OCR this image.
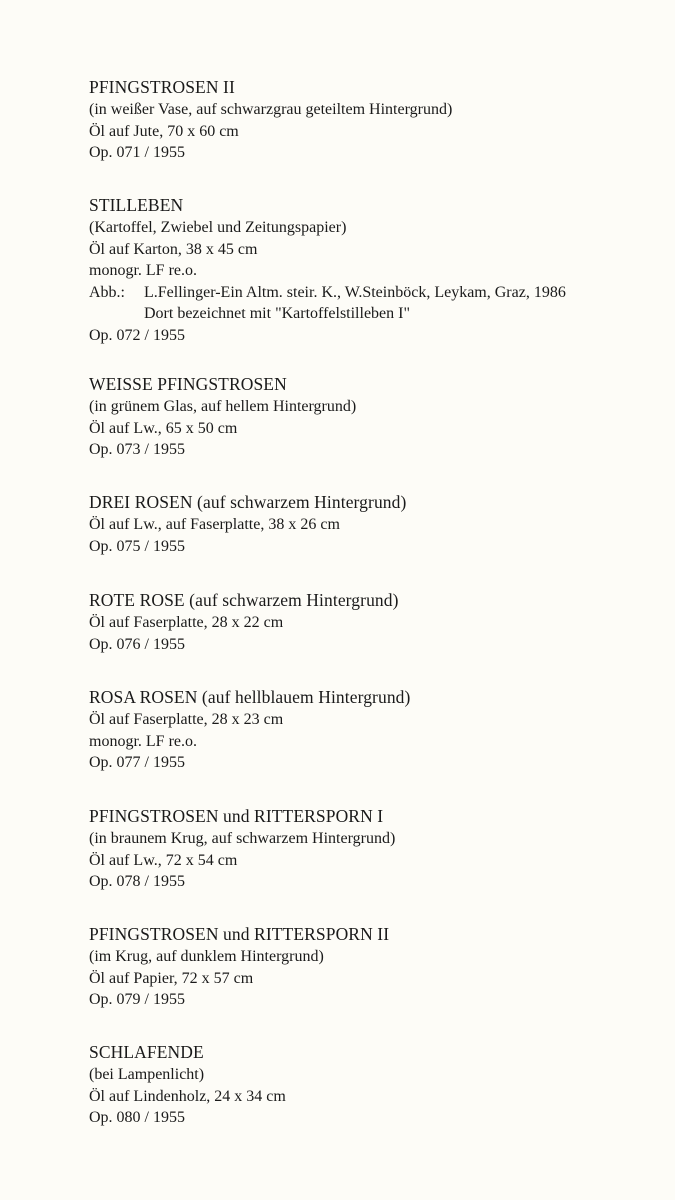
PFINGSTROSEN II
(in weißer Vase, auf schwarzgrau geteiltem Hintergrund)
Öl auf Jute, 70 x 60 cm
Op. 071 / 1955
STILLEBEN
(Kartoffel, Zwiebel und Zeitungspapier)
Öl auf Karton, 38 x 45 cm
monogr. LF re.o.
Abb.:	L.Fellinger-Ein Altm. steir. K., W.Steinböck, Leykam, Graz, 1986
Dort bezeichnet mit "Kartoffelstilleben I"
Op. 072 / 1955
WEISSE PFINGSTROSEN
(in grünem Glas, auf hellem Hintergrund)
Öl auf Lw., 65 x 50 cm
Op. 073 / 1955
DREI ROSEN (auf schwarzem Hintergrund)
Öl auf Lw., auf Faserplatte, 38 x 26 cm
Op. 075 / 1955
ROTE ROSE (auf schwarzem Hintergrund)
Öl auf Faserplatte, 28 x 22 cm
Op. 076 / 1955
ROSA ROSEN (auf hellblauem Hintergrund)
Öl auf Faserplatte, 28 x 23 cm
monogr. LF re.o.
Op. 077 / 1955
PFINGSTROSEN und RITTERSPORN I
(in braunem Krug, auf schwarzem Hintergrund)
Öl auf Lw., 72 x 54 cm
Op. 078 / 1955
PFINGSTROSEN und RITTERSPORN II
(im Krug, auf dunklem Hintergrund)
Öl auf Papier, 72 x 57 cm
Op. 079 / 1955
SCHLAFENDE
(bei Lampenlicht)
Öl auf Lindenholz, 24 x 34 cm
Op. 080 / 1955
